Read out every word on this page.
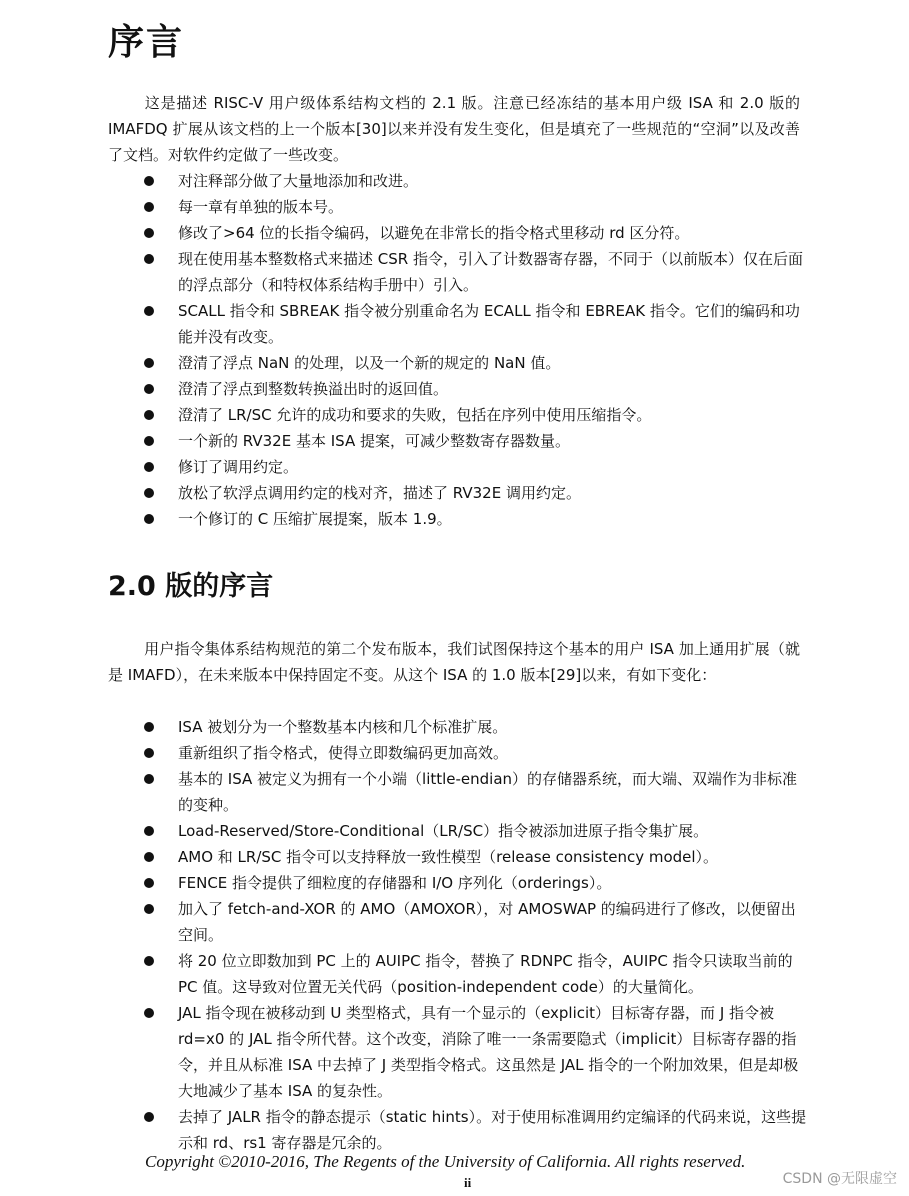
序言

这是描述 RISC-V 用户级体系结构文档的 2.1 版。注意已经冻结的基本用户级 ISA 和 2.0 版的 IMAFDQ 扩展从该文档的上一个版本[30]以来并没有发生变化，但是填充了一些规范的“空洞”以及改善了文档。对软件约定做了一些改变。

对注释部分做了大量地添加和改进。
每一章有单独的版本号。
修改了>64 位的长指令编码，以避免在非常长的指令格式里移动 rd 区分符。
现在使用基本整数格式来描述 CSR 指令，引入了计数器寄存器，不同于（以前版本）仅在后面的浮点部分（和特权体系结构手册中）引入。
SCALL 指令和 SBREAK 指令被分别重命名为 ECALL 指令和 EBREAK 指令。它们的编码和功能并没有改变。
澄清了浮点 NaN 的处理，以及一个新的规定的 NaN 值。
澄清了浮点到整数转换溢出时的返回值。
澄清了 LR/SC 允许的成功和要求的失败，包括在序列中使用压缩指令。
一个新的 RV32E 基本 ISA 提案，可减少整数寄存器数量。
修订了调用约定。
放松了软浮点调用约定的栈对齐，描述了 RV32E 调用约定。
一个修订的 C 压缩扩展提案，版本 1.9。
2.0 版的序言

用户指令集体系结构规范的第二个发布版本，我们试图保持这个基本的用户 ISA 加上通用扩展（就是 IMAFD），在未来版本中保持固定不变。从这个 ISA 的 1.0 版本[29]以来，有如下变化：

ISA 被划分为一个整数基本内核和几个标准扩展。
重新组织了指令格式，使得立即数编码更加高效。
基本的 ISA 被定义为拥有一个小端（little-endian）的存储器系统，而大端、双端作为非标准的变种。
Load-Reserved/Store-Conditional（LR/SC）指令被添加进原子指令集扩展。
AMO 和 LR/SC 指令可以支持释放一致性模型（release consistency model）。
FENCE 指令提供了细粒度的存储器和 I/O 序列化（orderings）。
加入了 fetch-and-XOR 的 AMO（AMOXOR），对 AMOSWAP 的编码进行了修改，以便留出空间。
将 20 位立即数加到 PC 上的 AUIPC 指令，替换了 RDNPC 指令，AUIPC 指令只读取当前的 PC 值。这导致对位置无关代码（position-independent code）的大量简化。
JAL 指令现在被移动到 U 类型格式，具有一个显示的（explicit）目标寄存器，而 J 指令被 rd=x0 的 JAL 指令所代替。这个改变，消除了唯一一条需要隐式（implicit）目标寄存器的指令，并且从标准 ISA 中去掉了 J 类型指令格式。这虽然是 JAL 指令的一个附加效果，但是却极大地减少了基本 ISA 的复杂性。
去掉了 JALR 指令的静态提示（static hints）。对于使用标准调用约定编译的代码来说，这些提示和 rd、rs1 寄存器是冗余的。
Copyright ©2010-2016, The Regents of the University of California. All rights reserved.
ii	CSDN @无限虚空
